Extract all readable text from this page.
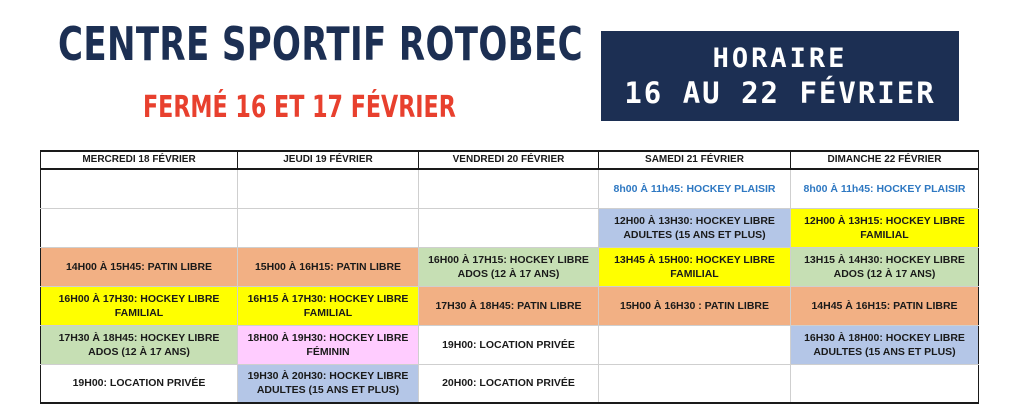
CENTRE SPORTIF ROTOBEC
FERMÉ 16 ET 17 FÉVRIER
HORAIRE
16 AU 22 FÉVRIER
MERCREDI 18 FÉVRIER	JEUDI 19 FÉVRIER	VENDREDI 20 FÉVRIER	SAMEDI 21 FÉVRIER	DIMANCHE 22 FÉVRIER
			8h00 À 11h45: HOCKEY PLAISIR	8h00 À 11h45: HOCKEY PLAISIR
			12H00 À 13H30: HOCKEY LIBRE ADULTES (15 ANS ET PLUS)	12H00 À 13H15: HOCKEY LIBRE FAMILIAL
14H00 À 15H45: PATIN LIBRE	15H00 À 16H15: PATIN LIBRE	16H00 À 17H15: HOCKEY LIBRE ADOS (12 À 17 ANS)	13H45 À 15H00: HOCKEY LIBRE FAMILIAL	13H15 À 14H30: HOCKEY LIBRE ADOS (12 À 17 ANS)
16H00 À 17H30: HOCKEY LIBRE FAMILIAL	16H15 À 17H30: HOCKEY LIBRE FAMILIAL	17H30 À 18H45: PATIN LIBRE	15H00 À 16H30 : PATIN LIBRE	14H45 À 16H15: PATIN LIBRE
17H30 À 18H45: HOCKEY LIBRE ADOS (12 À 17 ANS)	18H00 À 19H30: HOCKEY LIBRE FÉMININ	19H00: LOCATION PRIVÉE		16H30 À 18H00: HOCKEY LIBRE ADULTES (15 ANS ET PLUS)
19H00: LOCATION PRIVÉE	19H30 À 20H30: HOCKEY LIBRE ADULTES (15 ANS ET PLUS)	20H00: LOCATION PRIVÉE		
